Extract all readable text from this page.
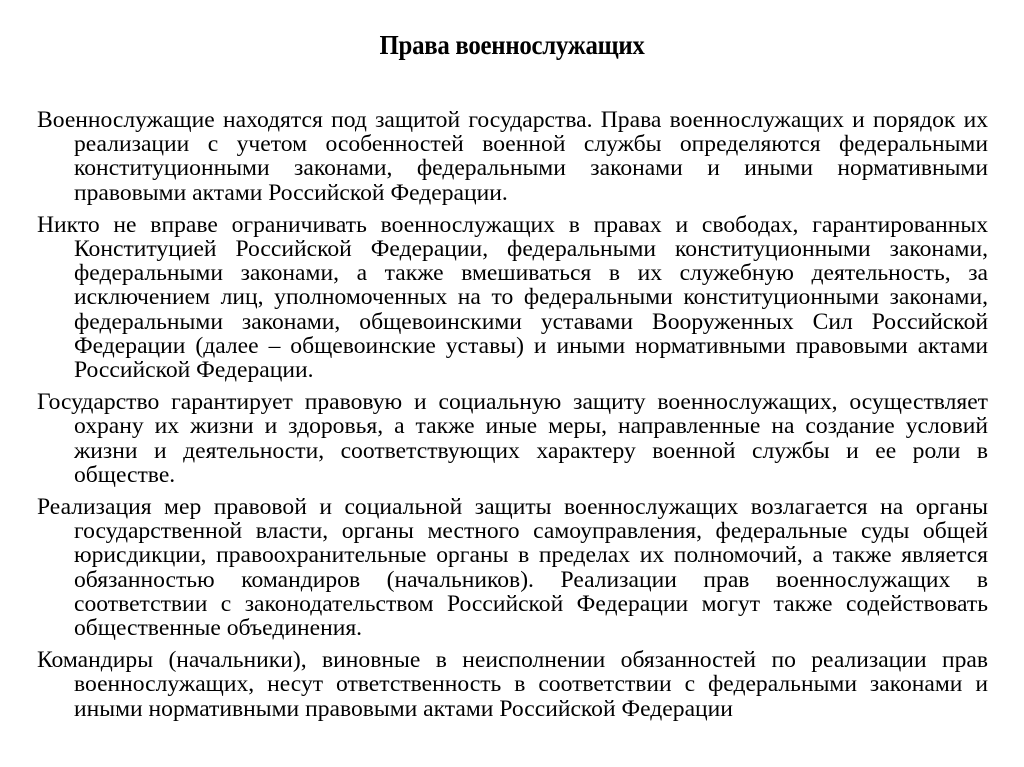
Права военнослужащих

Военнослужащие находятся под защитой государства. Права военнослужащих и порядок их реализации с учетом особенностей военной службы определяются федеральными конституционными законами, федеральными законами и иными нормативными правовыми актами Российской Федерации.

Никто не вправе ограничивать военнослужащих в правах и свободах, гарантированных Конституцией Российской Федерации, федеральными конституционными законами, федеральными законами, а также вмешиваться в их служебную деятельность, за исключением лиц, уполномоченных на то федеральными конституционными законами, федеральными законами, общевоинскими уставами Вооруженных Сил Российской Федерации (далее – общевоинские уставы) и иными нормативными правовыми актами Российской Федерации.

Государство гарантирует правовую и социальную защиту военнослужащих, осуществляет охрану их жизни и здоровья, а также иные меры, направленные на создание условий жизни и деятельности, соответствующих характеру военной службы и ее роли в обществе.

Реализация мер правовой и социальной защиты военнослужащих возлагается на органы государственной власти, органы местного самоуправления, федеральные суды общей юрисдикции, правоохранительные органы в пределах их полномочий, а также является обязанностью командиров (начальников). Реализации прав военнослужащих в соответствии с законодательством Российской Федерации могут также содействовать общественные объединения.

Командиры (начальники), виновные в неисполнении обязанностей по реализации прав военнослужащих, несут ответственность в соответствии с федеральными законами и иными нормативными правовыми актами Российской Федерации
